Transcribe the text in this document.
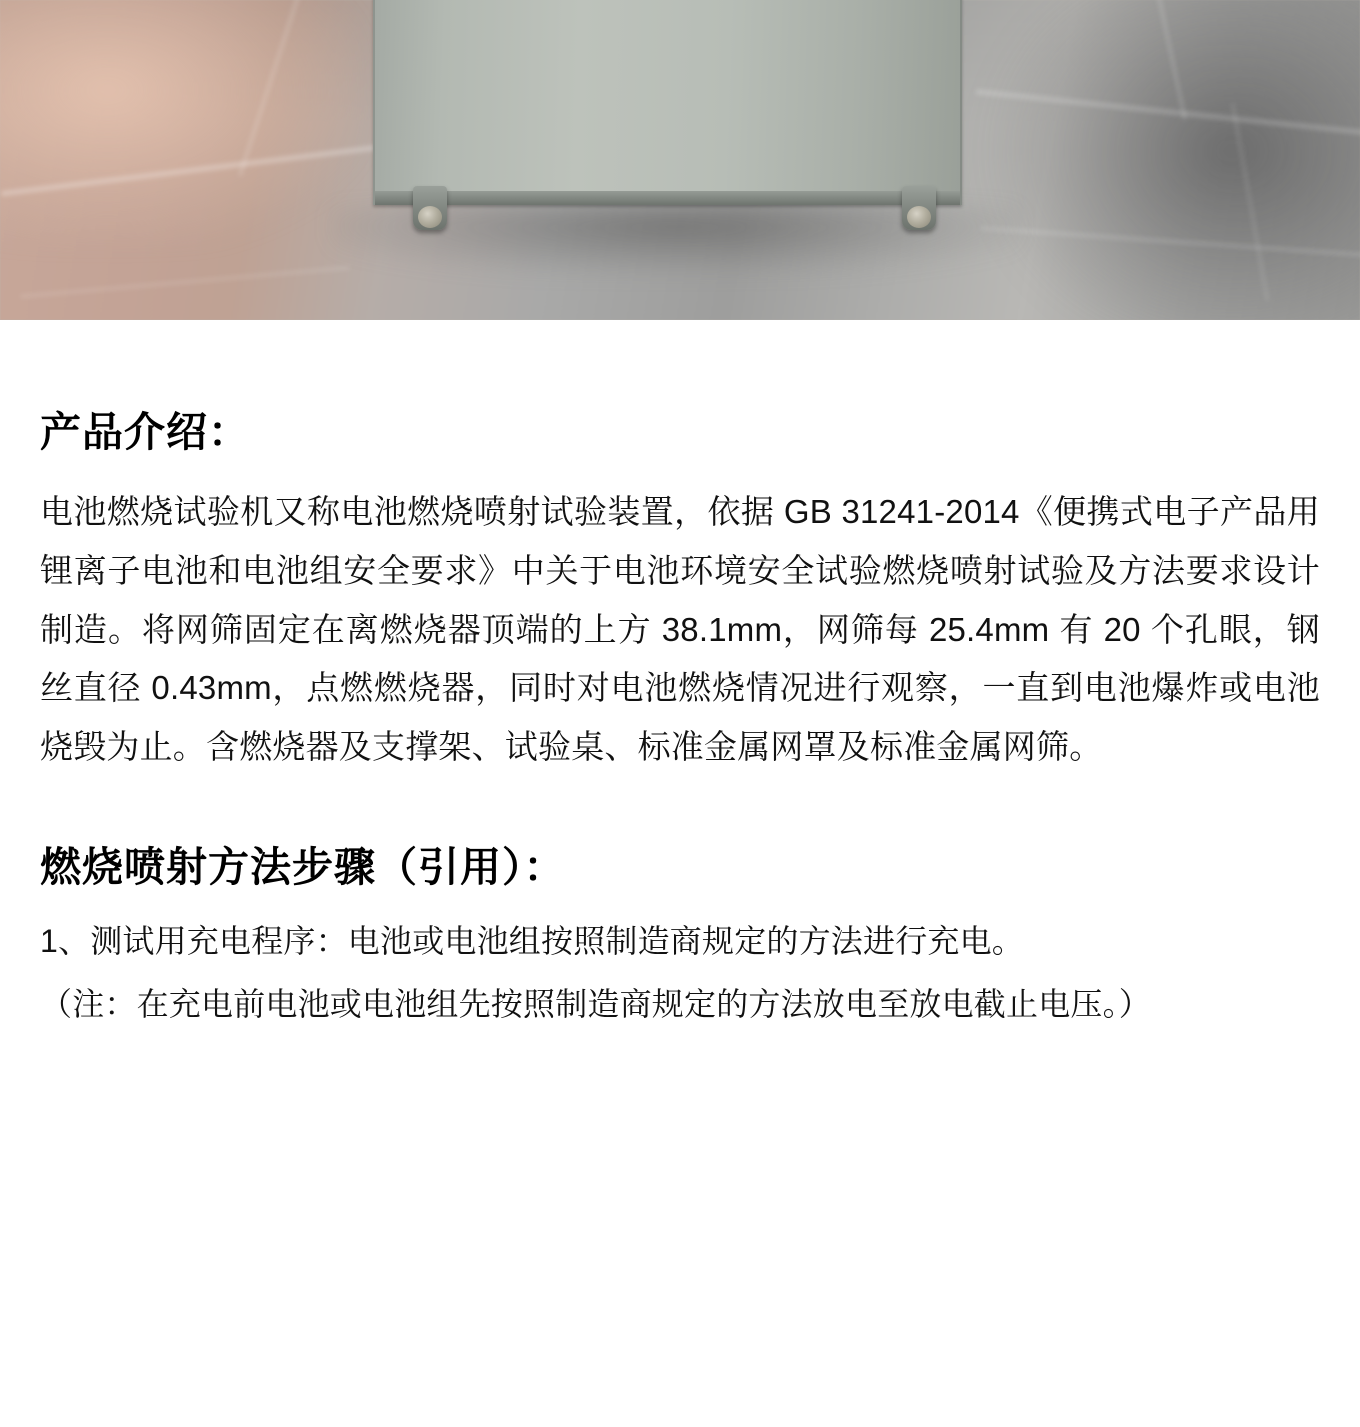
产品介绍：

电池燃烧试验机又称电池燃烧喷射试验装置，依据 GB 31241-2014《便携式电子产品用锂离子电池和电池组安全要求》中关于电池环境安全试验燃烧喷射试验及方法要求设计制造。将网筛固定在离燃烧器顶端的上方 38.1mm，网筛每 25.4mm 有 20 个孔眼，钢丝直径 0.43mm，点燃燃烧器，同时对电池燃烧情况进行观察，一直到电池爆炸或电池烧毁为止。含燃烧器及支撑架、试验桌、标准金属网罩及标准金属网筛。

燃烧喷射方法步骤（引用）：

1、测试用充电程序：电池或电池组按照制造商规定的方法进行充电。

（注：在充电前电池或电池组先按照制造商规定的方法放电至放电截止电压。）
